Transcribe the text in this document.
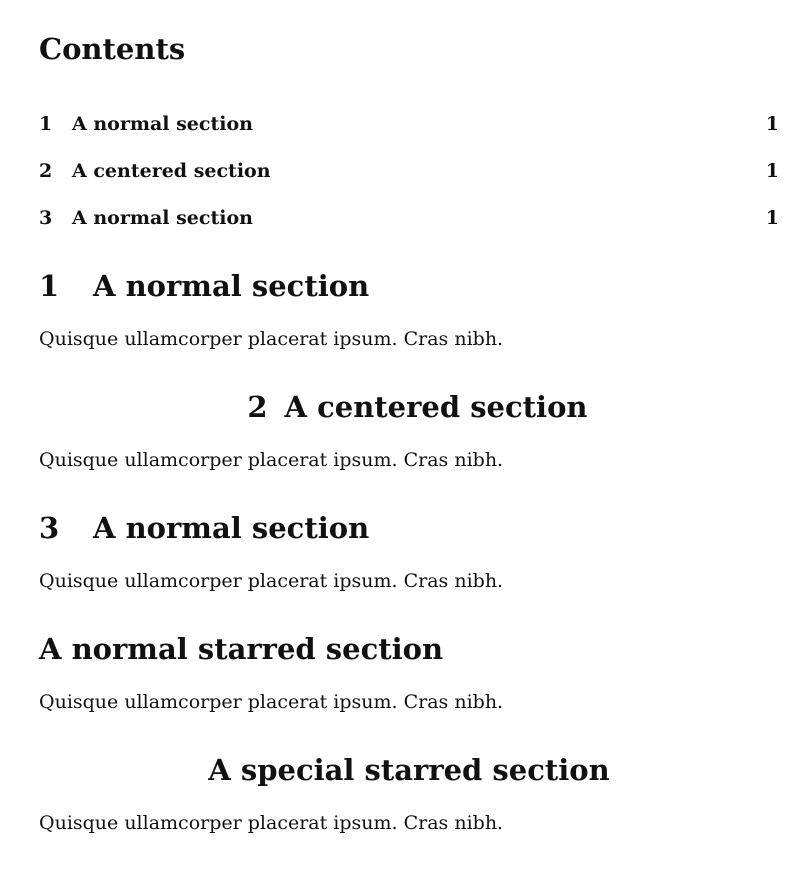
Contents
1 A normal section	1
2 A centered section	1
3 A normal section	1
1 A normal section
Quisque ullamcorper placerat ipsum. Cras nibh.
2 A centered section
Quisque ullamcorper placerat ipsum. Cras nibh.
3 A normal section
Quisque ullamcorper placerat ipsum. Cras nibh.
A normal starred section
Quisque ullamcorper placerat ipsum. Cras nibh.
A special starred section
Quisque ullamcorper placerat ipsum. Cras nibh.
